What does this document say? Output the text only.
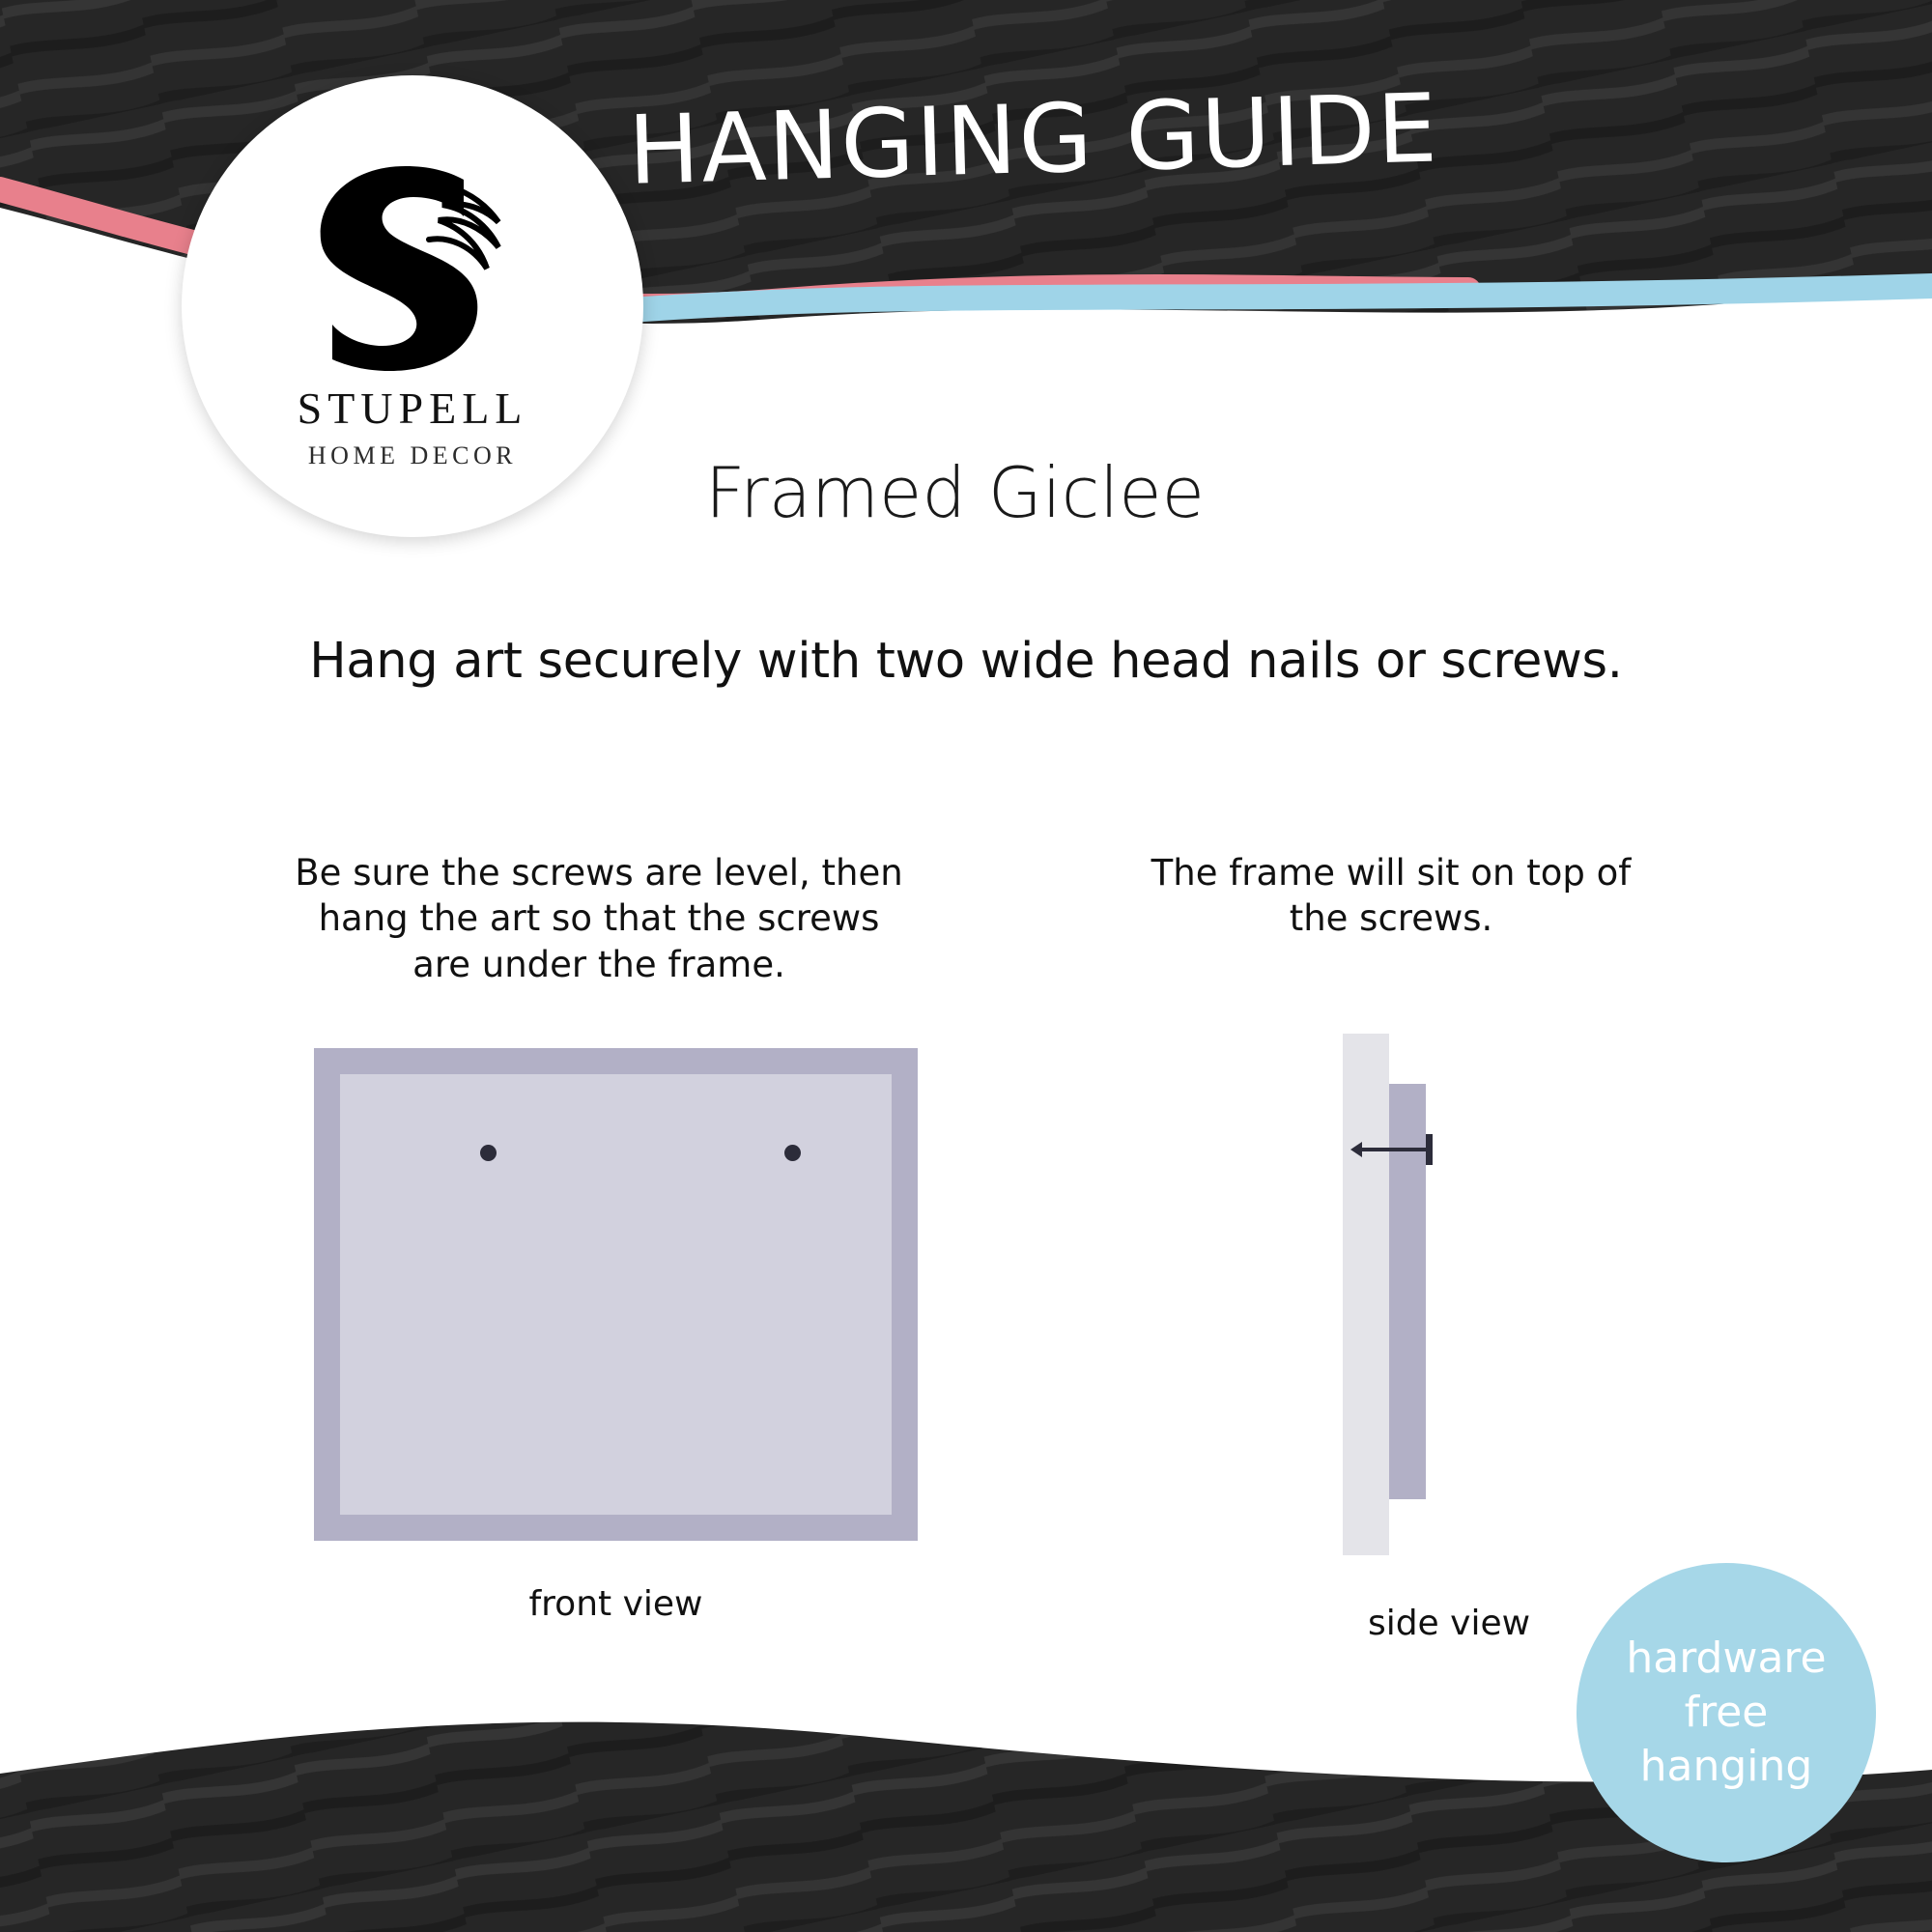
HANGING GUIDE
STUPELL
HOME DECOR	Framed Giclee
Hang art securely with two wide head nails or screws.
Be sure the screws are level, then hang the art so that the screws are under the frame.
The frame will sit on top of the screws.
front view	side view
hardware
free
hanging
